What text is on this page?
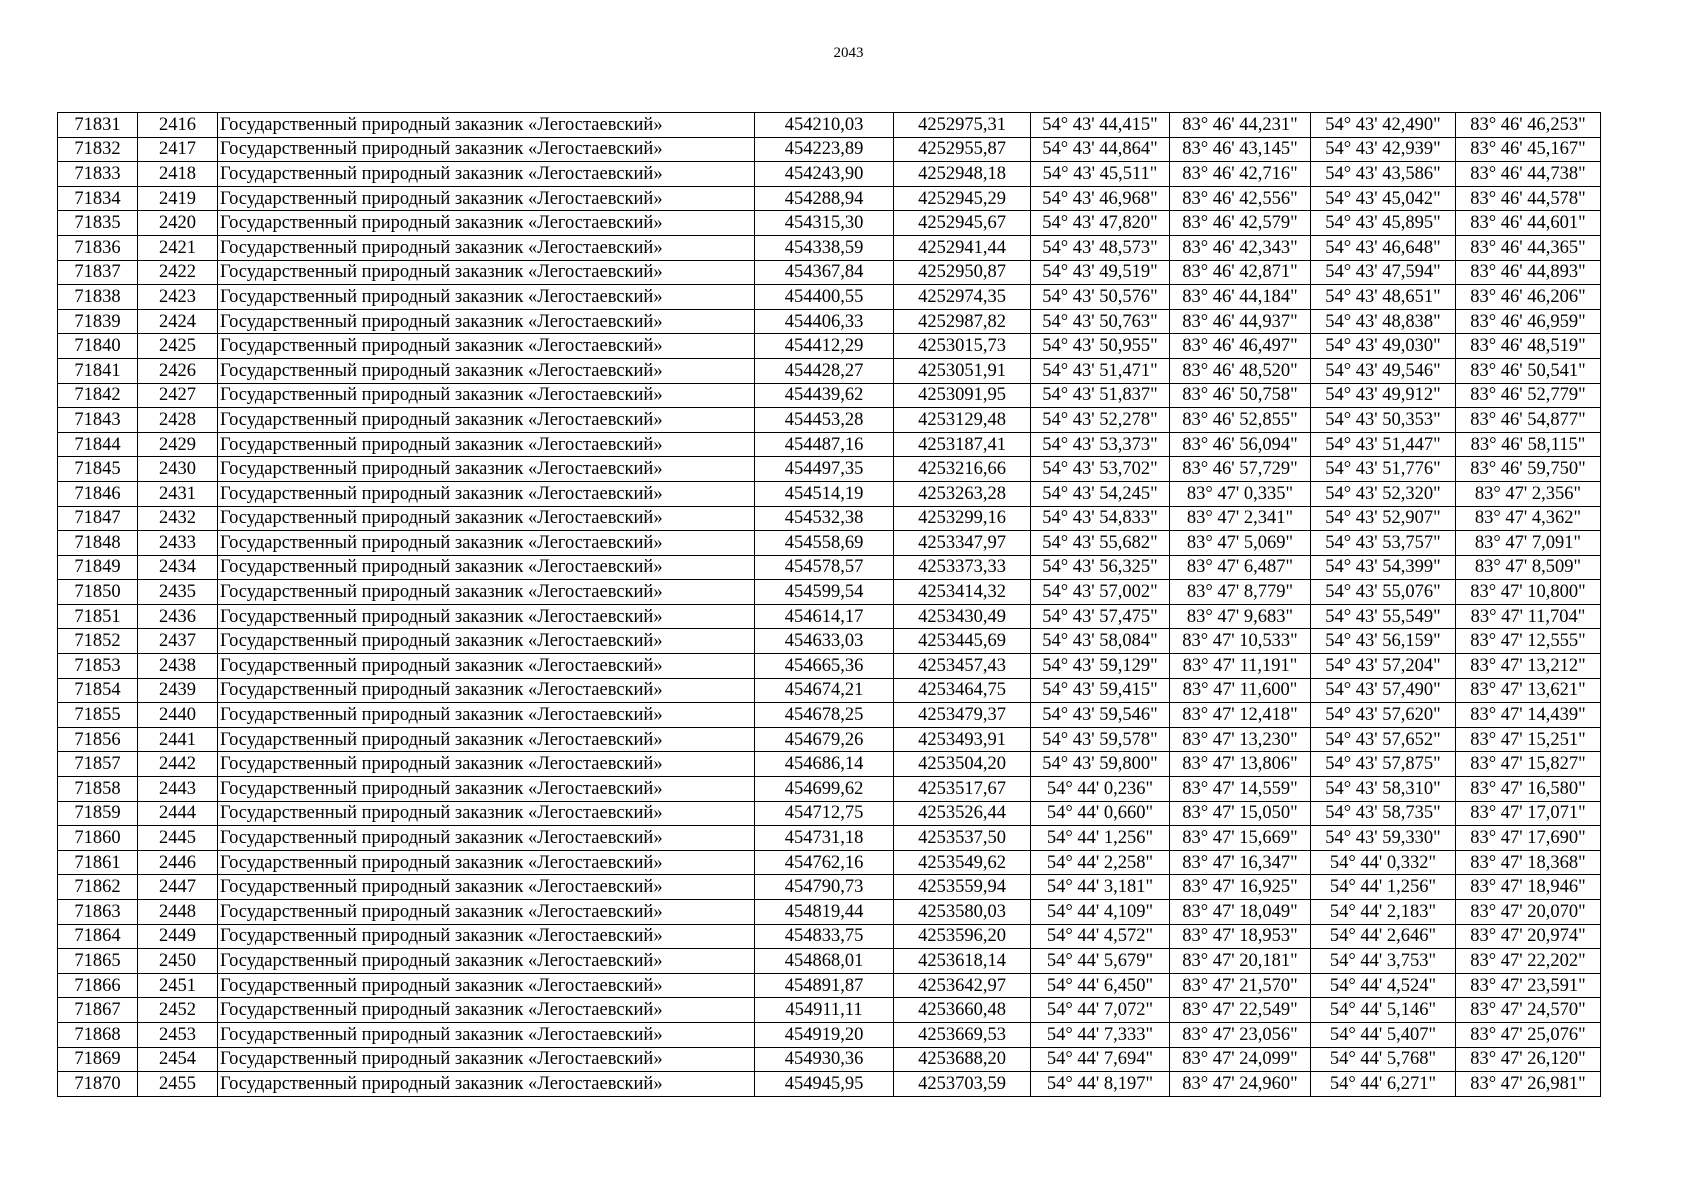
2043
71831	2416	Государственный природный заказник «Легостаевский»	454210,03	4252975,31	54° 43' 44,415"	83° 46' 44,231"	54° 43' 42,490"	83° 46' 46,253"
71832	2417	Государственный природный заказник «Легостаевский»	454223,89	4252955,87	54° 43' 44,864"	83° 46' 43,145"	54° 43' 42,939"	83° 46' 45,167"
71833	2418	Государственный природный заказник «Легостаевский»	454243,90	4252948,18	54° 43' 45,511"	83° 46' 42,716"	54° 43' 43,586"	83° 46' 44,738"
71834	2419	Государственный природный заказник «Легостаевский»	454288,94	4252945,29	54° 43' 46,968"	83° 46' 42,556"	54° 43' 45,042"	83° 46' 44,578"
71835	2420	Государственный природный заказник «Легостаевский»	454315,30	4252945,67	54° 43' 47,820"	83° 46' 42,579"	54° 43' 45,895"	83° 46' 44,601"
71836	2421	Государственный природный заказник «Легостаевский»	454338,59	4252941,44	54° 43' 48,573"	83° 46' 42,343"	54° 43' 46,648"	83° 46' 44,365"
71837	2422	Государственный природный заказник «Легостаевский»	454367,84	4252950,87	54° 43' 49,519"	83° 46' 42,871"	54° 43' 47,594"	83° 46' 44,893"
71838	2423	Государственный природный заказник «Легостаевский»	454400,55	4252974,35	54° 43' 50,576"	83° 46' 44,184"	54° 43' 48,651"	83° 46' 46,206"
71839	2424	Государственный природный заказник «Легостаевский»	454406,33	4252987,82	54° 43' 50,763"	83° 46' 44,937"	54° 43' 48,838"	83° 46' 46,959"
71840	2425	Государственный природный заказник «Легостаевский»	454412,29	4253015,73	54° 43' 50,955"	83° 46' 46,497"	54° 43' 49,030"	83° 46' 48,519"
71841	2426	Государственный природный заказник «Легостаевский»	454428,27	4253051,91	54° 43' 51,471"	83° 46' 48,520"	54° 43' 49,546"	83° 46' 50,541"
71842	2427	Государственный природный заказник «Легостаевский»	454439,62	4253091,95	54° 43' 51,837"	83° 46' 50,758"	54° 43' 49,912"	83° 46' 52,779"
71843	2428	Государственный природный заказник «Легостаевский»	454453,28	4253129,48	54° 43' 52,278"	83° 46' 52,855"	54° 43' 50,353"	83° 46' 54,877"
71844	2429	Государственный природный заказник «Легостаевский»	454487,16	4253187,41	54° 43' 53,373"	83° 46' 56,094"	54° 43' 51,447"	83° 46' 58,115"
71845	2430	Государственный природный заказник «Легостаевский»	454497,35	4253216,66	54° 43' 53,702"	83° 46' 57,729"	54° 43' 51,776"	83° 46' 59,750"
71846	2431	Государственный природный заказник «Легостаевский»	454514,19	4253263,28	54° 43' 54,245"	83° 47' 0,335"	54° 43' 52,320"	83° 47' 2,356"
71847	2432	Государственный природный заказник «Легостаевский»	454532,38	4253299,16	54° 43' 54,833"	83° 47' 2,341"	54° 43' 52,907"	83° 47' 4,362"
71848	2433	Государственный природный заказник «Легостаевский»	454558,69	4253347,97	54° 43' 55,682"	83° 47' 5,069"	54° 43' 53,757"	83° 47' 7,091"
71849	2434	Государственный природный заказник «Легостаевский»	454578,57	4253373,33	54° 43' 56,325"	83° 47' 6,487"	54° 43' 54,399"	83° 47' 8,509"
71850	2435	Государственный природный заказник «Легостаевский»	454599,54	4253414,32	54° 43' 57,002"	83° 47' 8,779"	54° 43' 55,076"	83° 47' 10,800"
71851	2436	Государственный природный заказник «Легостаевский»	454614,17	4253430,49	54° 43' 57,475"	83° 47' 9,683"	54° 43' 55,549"	83° 47' 11,704"
71852	2437	Государственный природный заказник «Легостаевский»	454633,03	4253445,69	54° 43' 58,084"	83° 47' 10,533"	54° 43' 56,159"	83° 47' 12,555"
71853	2438	Государственный природный заказник «Легостаевский»	454665,36	4253457,43	54° 43' 59,129"	83° 47' 11,191"	54° 43' 57,204"	83° 47' 13,212"
71854	2439	Государственный природный заказник «Легостаевский»	454674,21	4253464,75	54° 43' 59,415"	83° 47' 11,600"	54° 43' 57,490"	83° 47' 13,621"
71855	2440	Государственный природный заказник «Легостаевский»	454678,25	4253479,37	54° 43' 59,546"	83° 47' 12,418"	54° 43' 57,620"	83° 47' 14,439"
71856	2441	Государственный природный заказник «Легостаевский»	454679,26	4253493,91	54° 43' 59,578"	83° 47' 13,230"	54° 43' 57,652"	83° 47' 15,251"
71857	2442	Государственный природный заказник «Легостаевский»	454686,14	4253504,20	54° 43' 59,800"	83° 47' 13,806"	54° 43' 57,875"	83° 47' 15,827"
71858	2443	Государственный природный заказник «Легостаевский»	454699,62	4253517,67	54° 44' 0,236"	83° 47' 14,559"	54° 43' 58,310"	83° 47' 16,580"
71859	2444	Государственный природный заказник «Легостаевский»	454712,75	4253526,44	54° 44' 0,660"	83° 47' 15,050"	54° 43' 58,735"	83° 47' 17,071"
71860	2445	Государственный природный заказник «Легостаевский»	454731,18	4253537,50	54° 44' 1,256"	83° 47' 15,669"	54° 43' 59,330"	83° 47' 17,690"
71861	2446	Государственный природный заказник «Легостаевский»	454762,16	4253549,62	54° 44' 2,258"	83° 47' 16,347"	54° 44' 0,332"	83° 47' 18,368"
71862	2447	Государственный природный заказник «Легостаевский»	454790,73	4253559,94	54° 44' 3,181"	83° 47' 16,925"	54° 44' 1,256"	83° 47' 18,946"
71863	2448	Государственный природный заказник «Легостаевский»	454819,44	4253580,03	54° 44' 4,109"	83° 47' 18,049"	54° 44' 2,183"	83° 47' 20,070"
71864	2449	Государственный природный заказник «Легостаевский»	454833,75	4253596,20	54° 44' 4,572"	83° 47' 18,953"	54° 44' 2,646"	83° 47' 20,974"
71865	2450	Государственный природный заказник «Легостаевский»	454868,01	4253618,14	54° 44' 5,679"	83° 47' 20,181"	54° 44' 3,753"	83° 47' 22,202"
71866	2451	Государственный природный заказник «Легостаевский»	454891,87	4253642,97	54° 44' 6,450"	83° 47' 21,570"	54° 44' 4,524"	83° 47' 23,591"
71867	2452	Государственный природный заказник «Легостаевский»	454911,11	4253660,48	54° 44' 7,072"	83° 47' 22,549"	54° 44' 5,146"	83° 47' 24,570"
71868	2453	Государственный природный заказник «Легостаевский»	454919,20	4253669,53	54° 44' 7,333"	83° 47' 23,056"	54° 44' 5,407"	83° 47' 25,076"
71869	2454	Государственный природный заказник «Легостаевский»	454930,36	4253688,20	54° 44' 7,694"	83° 47' 24,099"	54° 44' 5,768"	83° 47' 26,120"
71870	2455	Государственный природный заказник «Легостаевский»	454945,95	4253703,59	54° 44' 8,197"	83° 47' 24,960"	54° 44' 6,271"	83° 47' 26,981"
